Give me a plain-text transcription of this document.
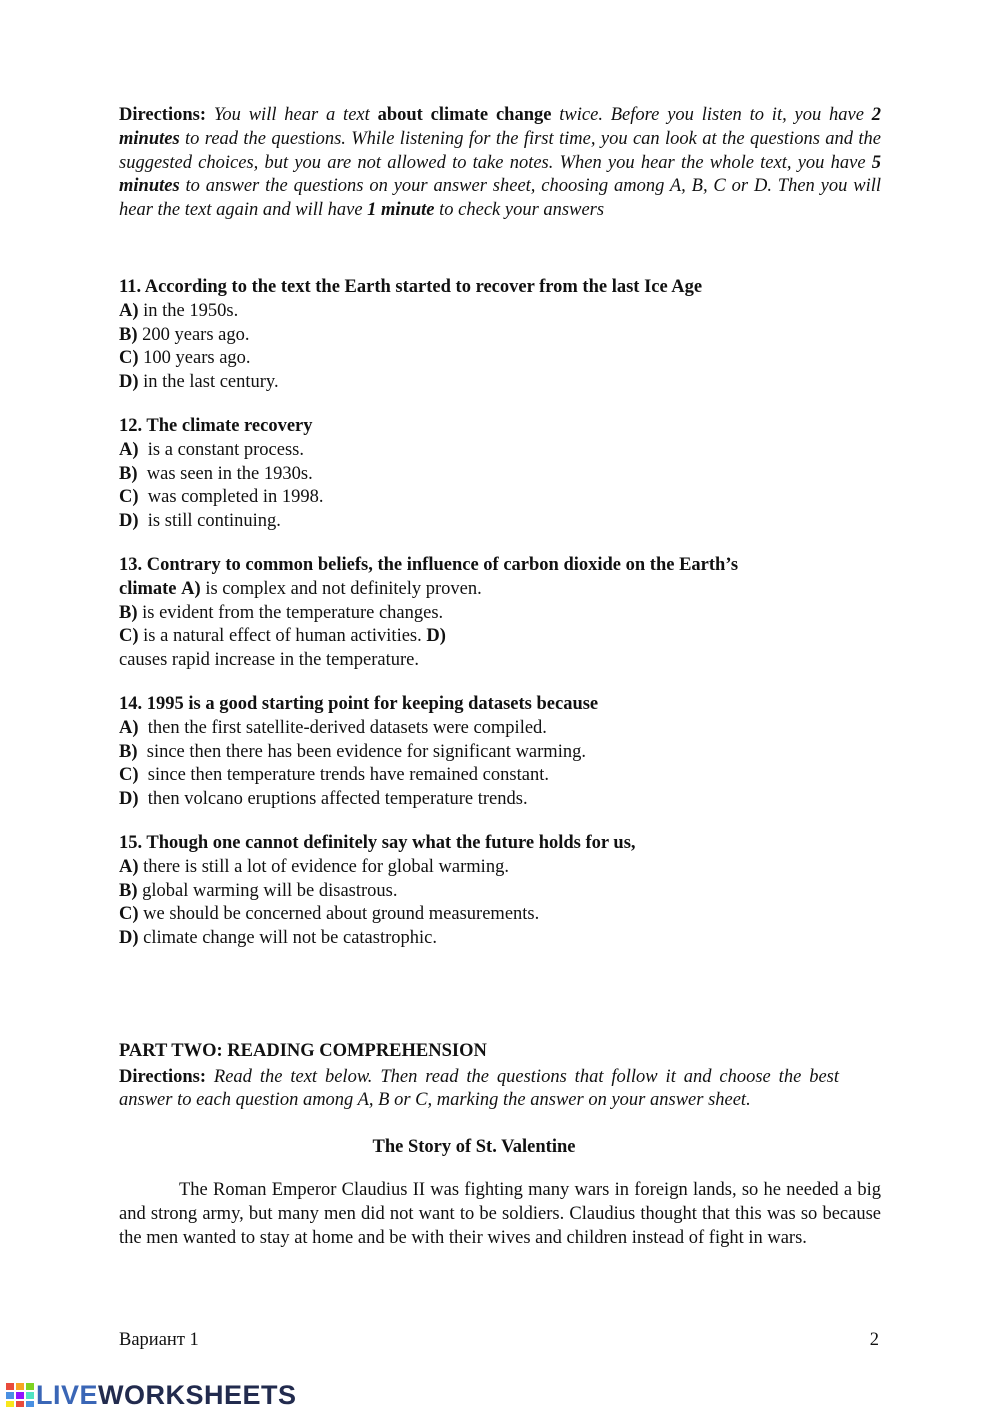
Directions: You will hear a text about climate change twice. Before you listen to it, you have 2 minutes to read the questions. While listening for the first time, you can look at the questions and the suggested choices, but you are not allowed to take notes. When you hear the whole text, you have 5 minutes to answer the questions on your answer sheet, choosing among A, B, C or D. Then you will hear the text again and will have 1 minute to check your answers
11. According to the text the Earth started to recover from the last Ice Age
A) in the 1950s.
B) 200 years ago.
C) 100 years ago.
D) in the last century.
12. The climate recovery
A)  is a constant process.
B)  was seen in the 1930s.
C)  was completed in 1998.
D)  is still continuing.
13. Contrary to common beliefs, the influence of carbon dioxide on the Earth’s
climate A) is complex and not definitely proven.
B) is evident from the temperature changes.
C) is a natural effect of human activities. D)
causes rapid increase in the temperature.
14. 1995 is a good starting point for keeping datasets because
A)  then the first satellite-derived datasets were compiled.
B)  since then there has been evidence for significant warming.
C)  since then temperature trends have remained constant.
D)  then volcano eruptions affected temperature trends.
15. Though one cannot definitely say what the future holds for us,
A) there is still a lot of evidence for global warming.
B) global warming will be disastrous.
C) we should be concerned about ground measurements.
D) climate change will not be catastrophic.
PART TWO: READING COMPREHENSION
Directions: Read the text below. Then read the questions that follow it and choose the best answer to each question among A, B or C, marking the answer on your answer sheet.
The Story of St. Valentine
The Roman Emperor Claudius II was fighting many wars in foreign lands, so he needed a big and strong army, but many men did not want to be soldiers. Claudius thought that this was so because the men wanted to stay at home and be with their wives and children instead of fight in wars.
Вариант 1	2
LIVEWORKSHEETS
